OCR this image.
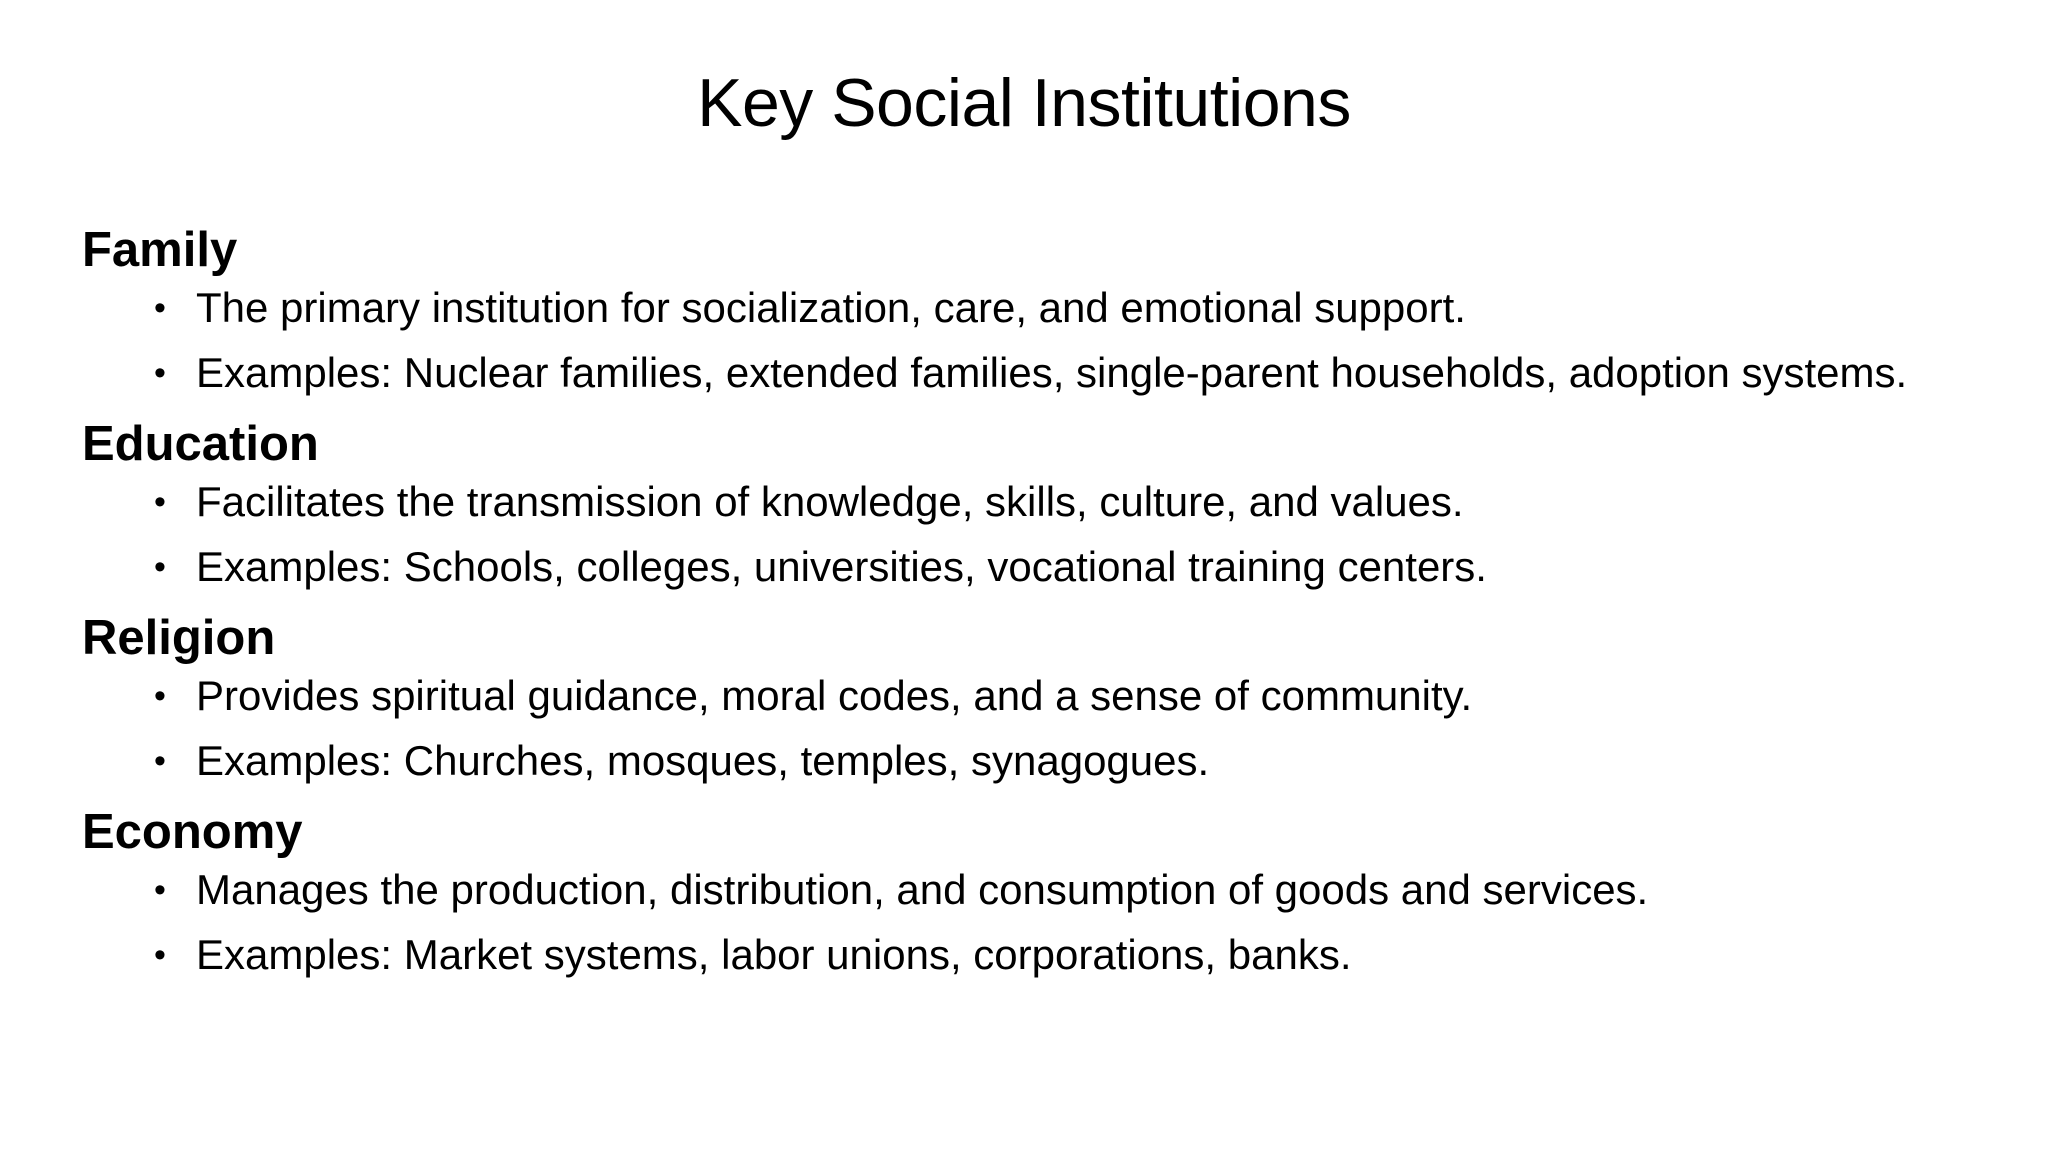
Key Social Institutions
Family
• The primary institution for socialization, care, and emotional support.
• Examples: Nuclear families, extended families, single-parent households, adoption systems.
Education
• Facilitates the transmission of knowledge, skills, culture, and values.
• Examples: Schools, colleges, universities, vocational training centers.
Religion
• Provides spiritual guidance, moral codes, and a sense of community.
• Examples: Churches, mosques, temples, synagogues.
Economy
• Manages the production, distribution, and consumption of goods and services.
• Examples: Market systems, labor unions, corporations, banks.
